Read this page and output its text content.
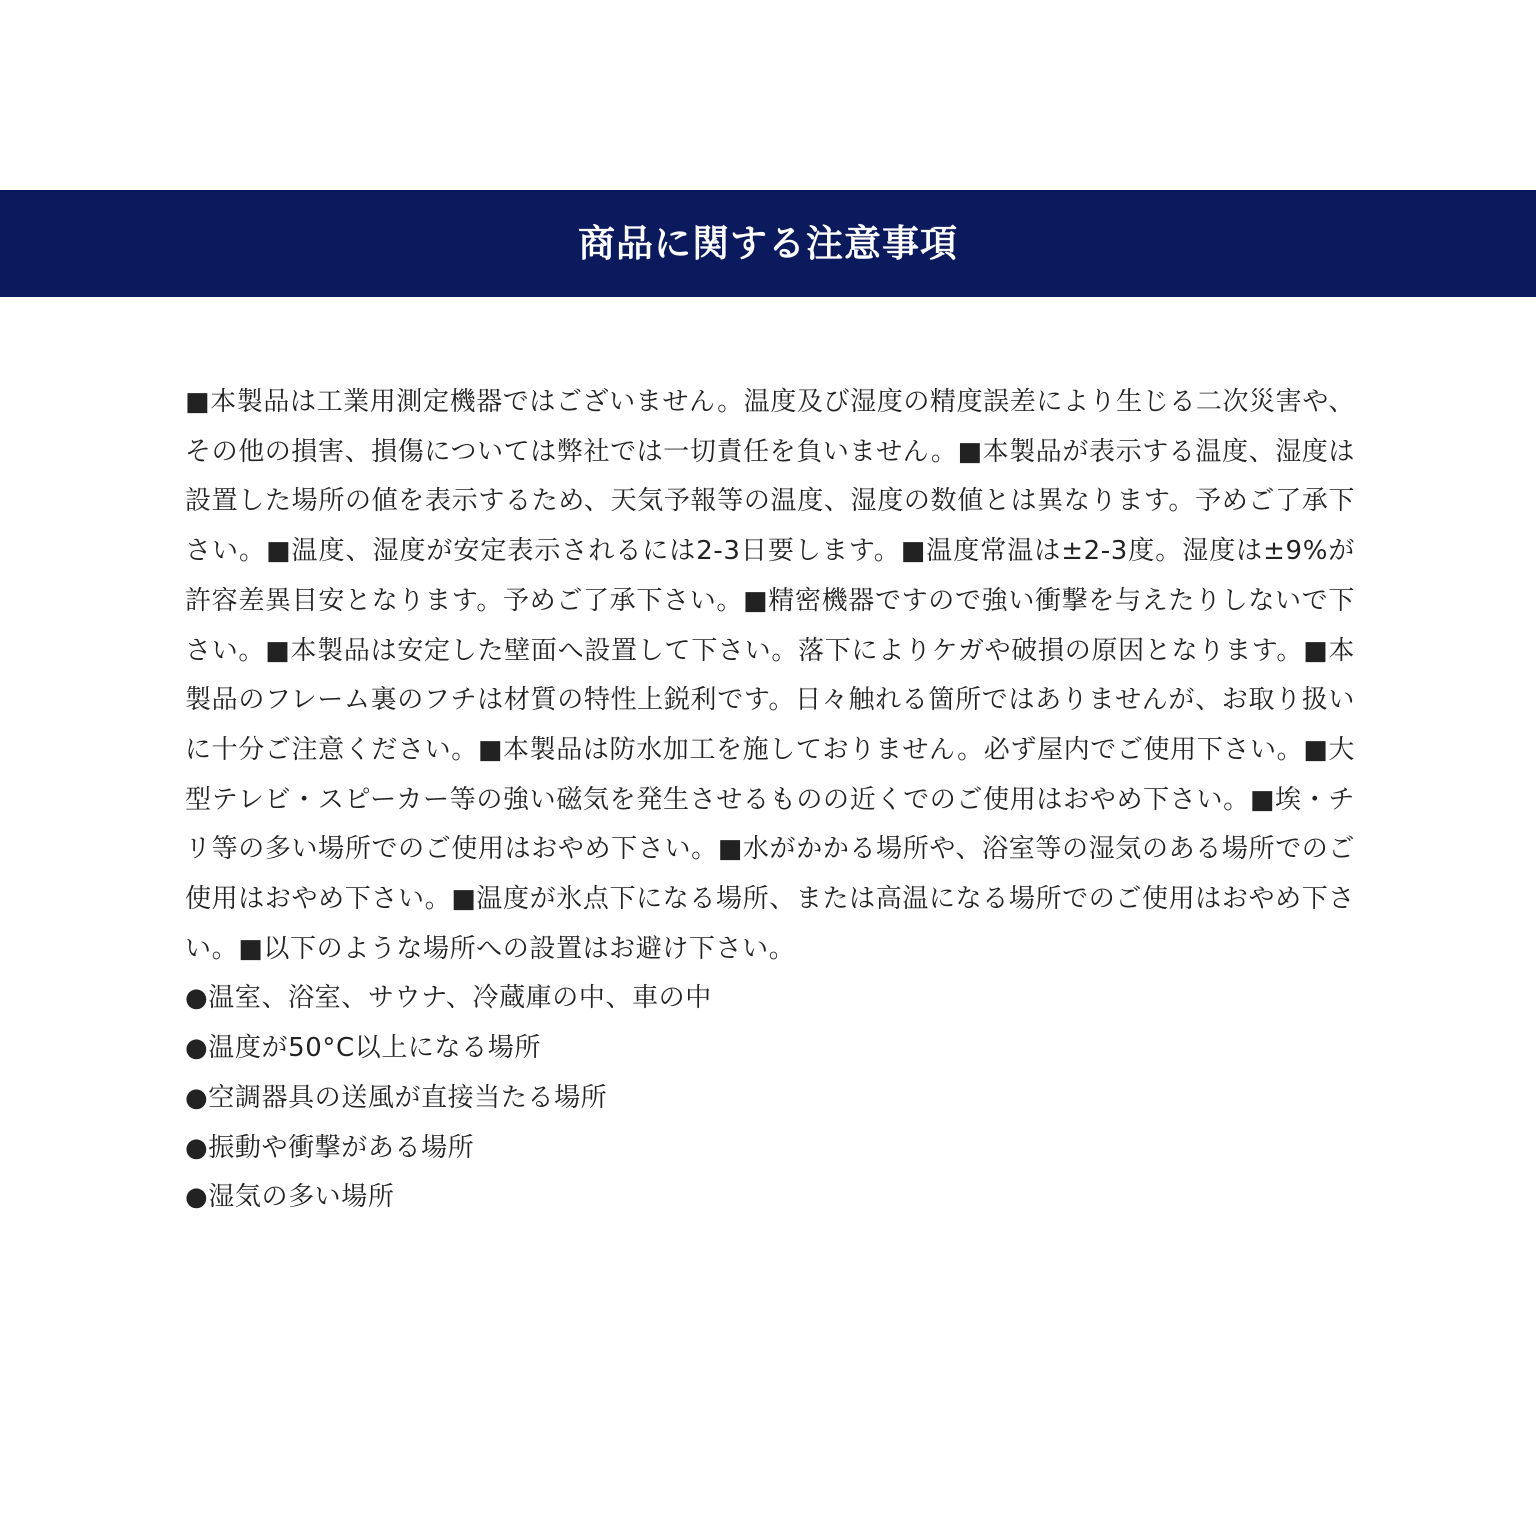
商品に関する注意事項

■本製品は工業用測定機器ではございません。温度及び湿度の精度誤差により生じる二次災害や、その他の損害、損傷については弊社では一切責任を負いません。■本製品が表示する温度、湿度は設置した場所の値を表示するため、天気予報等の温度、湿度の数値とは異なります。予めご了承下さい。■温度、湿度が安定表示されるには2-3日要します。■温度常温は±2-3度。湿度は±9%が許容差異目安となります。予めご了承下さい。■精密機器ですので強い衝撃を与えたりしないで下さい。■本製品は安定した壁面へ設置して下さい。落下によりケガや破損の原因となります。■本製品のフレーム裏のフチは材質の特性上鋭利です。日々触れる箇所ではありませんが、お取り扱いに十分ご注意ください。■本製品は防水加工を施しておりません。必ず屋内でご使用下さい。■大型テレビ・スピーカー等の強い磁気を発生させるものの近くでのご使用はおやめ下さい。■埃・チリ等の多い場所でのご使用はおやめ下さい。■水がかかる場所や、浴室等の湿気のある場所でのご使用はおやめ下さい。■温度が氷点下になる場所、または高温になる場所でのご使用はおやめ下さい。■以下のような場所への設置はお避け下さい。

●温室、浴室、サウナ、冷蔵庫の中、車の中
●温度が50°C以上になる場所
●空調器具の送風が直接当たる場所
●振動や衝撃がある場所
●湿気の多い場所
